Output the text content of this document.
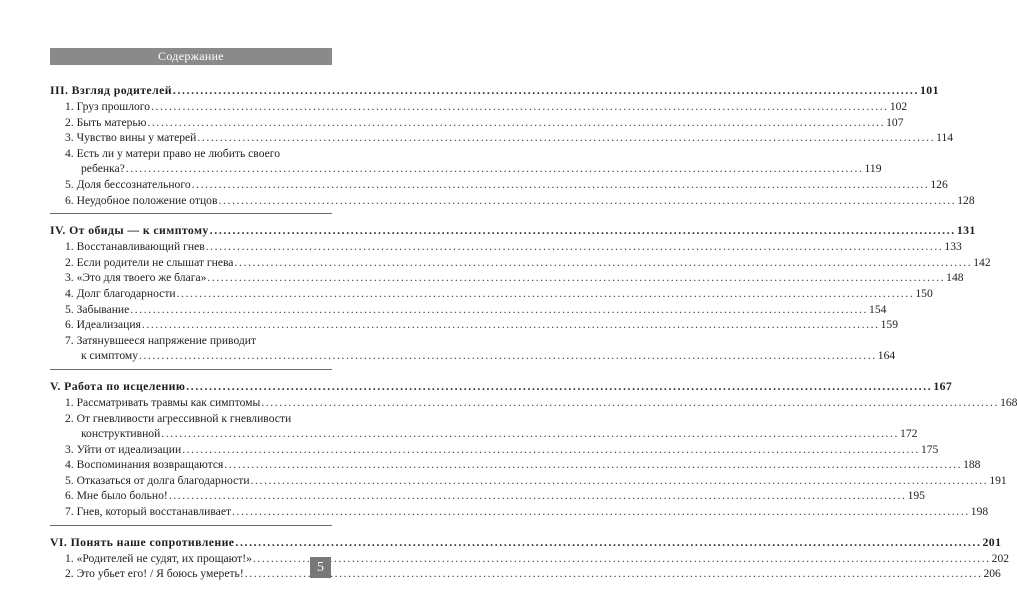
Содержание
III. Взгляд родителей .....	101
1. Груз прошлого .....	102
2. Быть матерью .....	107
3. Чувство вины у матерей .....	114
4. Есть ли у матери право не любить своего
ребенка? .....	119
5. Доля бессознательного .....	126
6. Неудобное положение отцов .....	128
IV. От обиды — к симптому .....	131
1. Восстанавливающий гнев .....	133
2. Если родители не слышат гнева .....	142
3. «Это для твоего же блага» .....	148
4. Долг благодарности .....	150
5. Забывание .....	154
6. Идеализация .....	159
7. Затянувшееся напряжение приводит
к симптому .....	164
V. Работа по исцелению .....	167
1. Рассматривать травмы как симптомы .....	168
2. От гневливости агрессивной к гневливости
конструктивной .....	172
3. Уйти от идеализации .....	175
4. Воспоминания возвращаются .....	188
5. Отказаться от долга благодарности .....	191
6. Мне было больно! .....	195
7. Гнев, который восстанавливает .....	198
VI. Понять наше сопротивление .....	201
1. «Родителей не судят, их прощают!» .....	202
2. Это убьет его! / Я боюсь умереть! .....	206
5
